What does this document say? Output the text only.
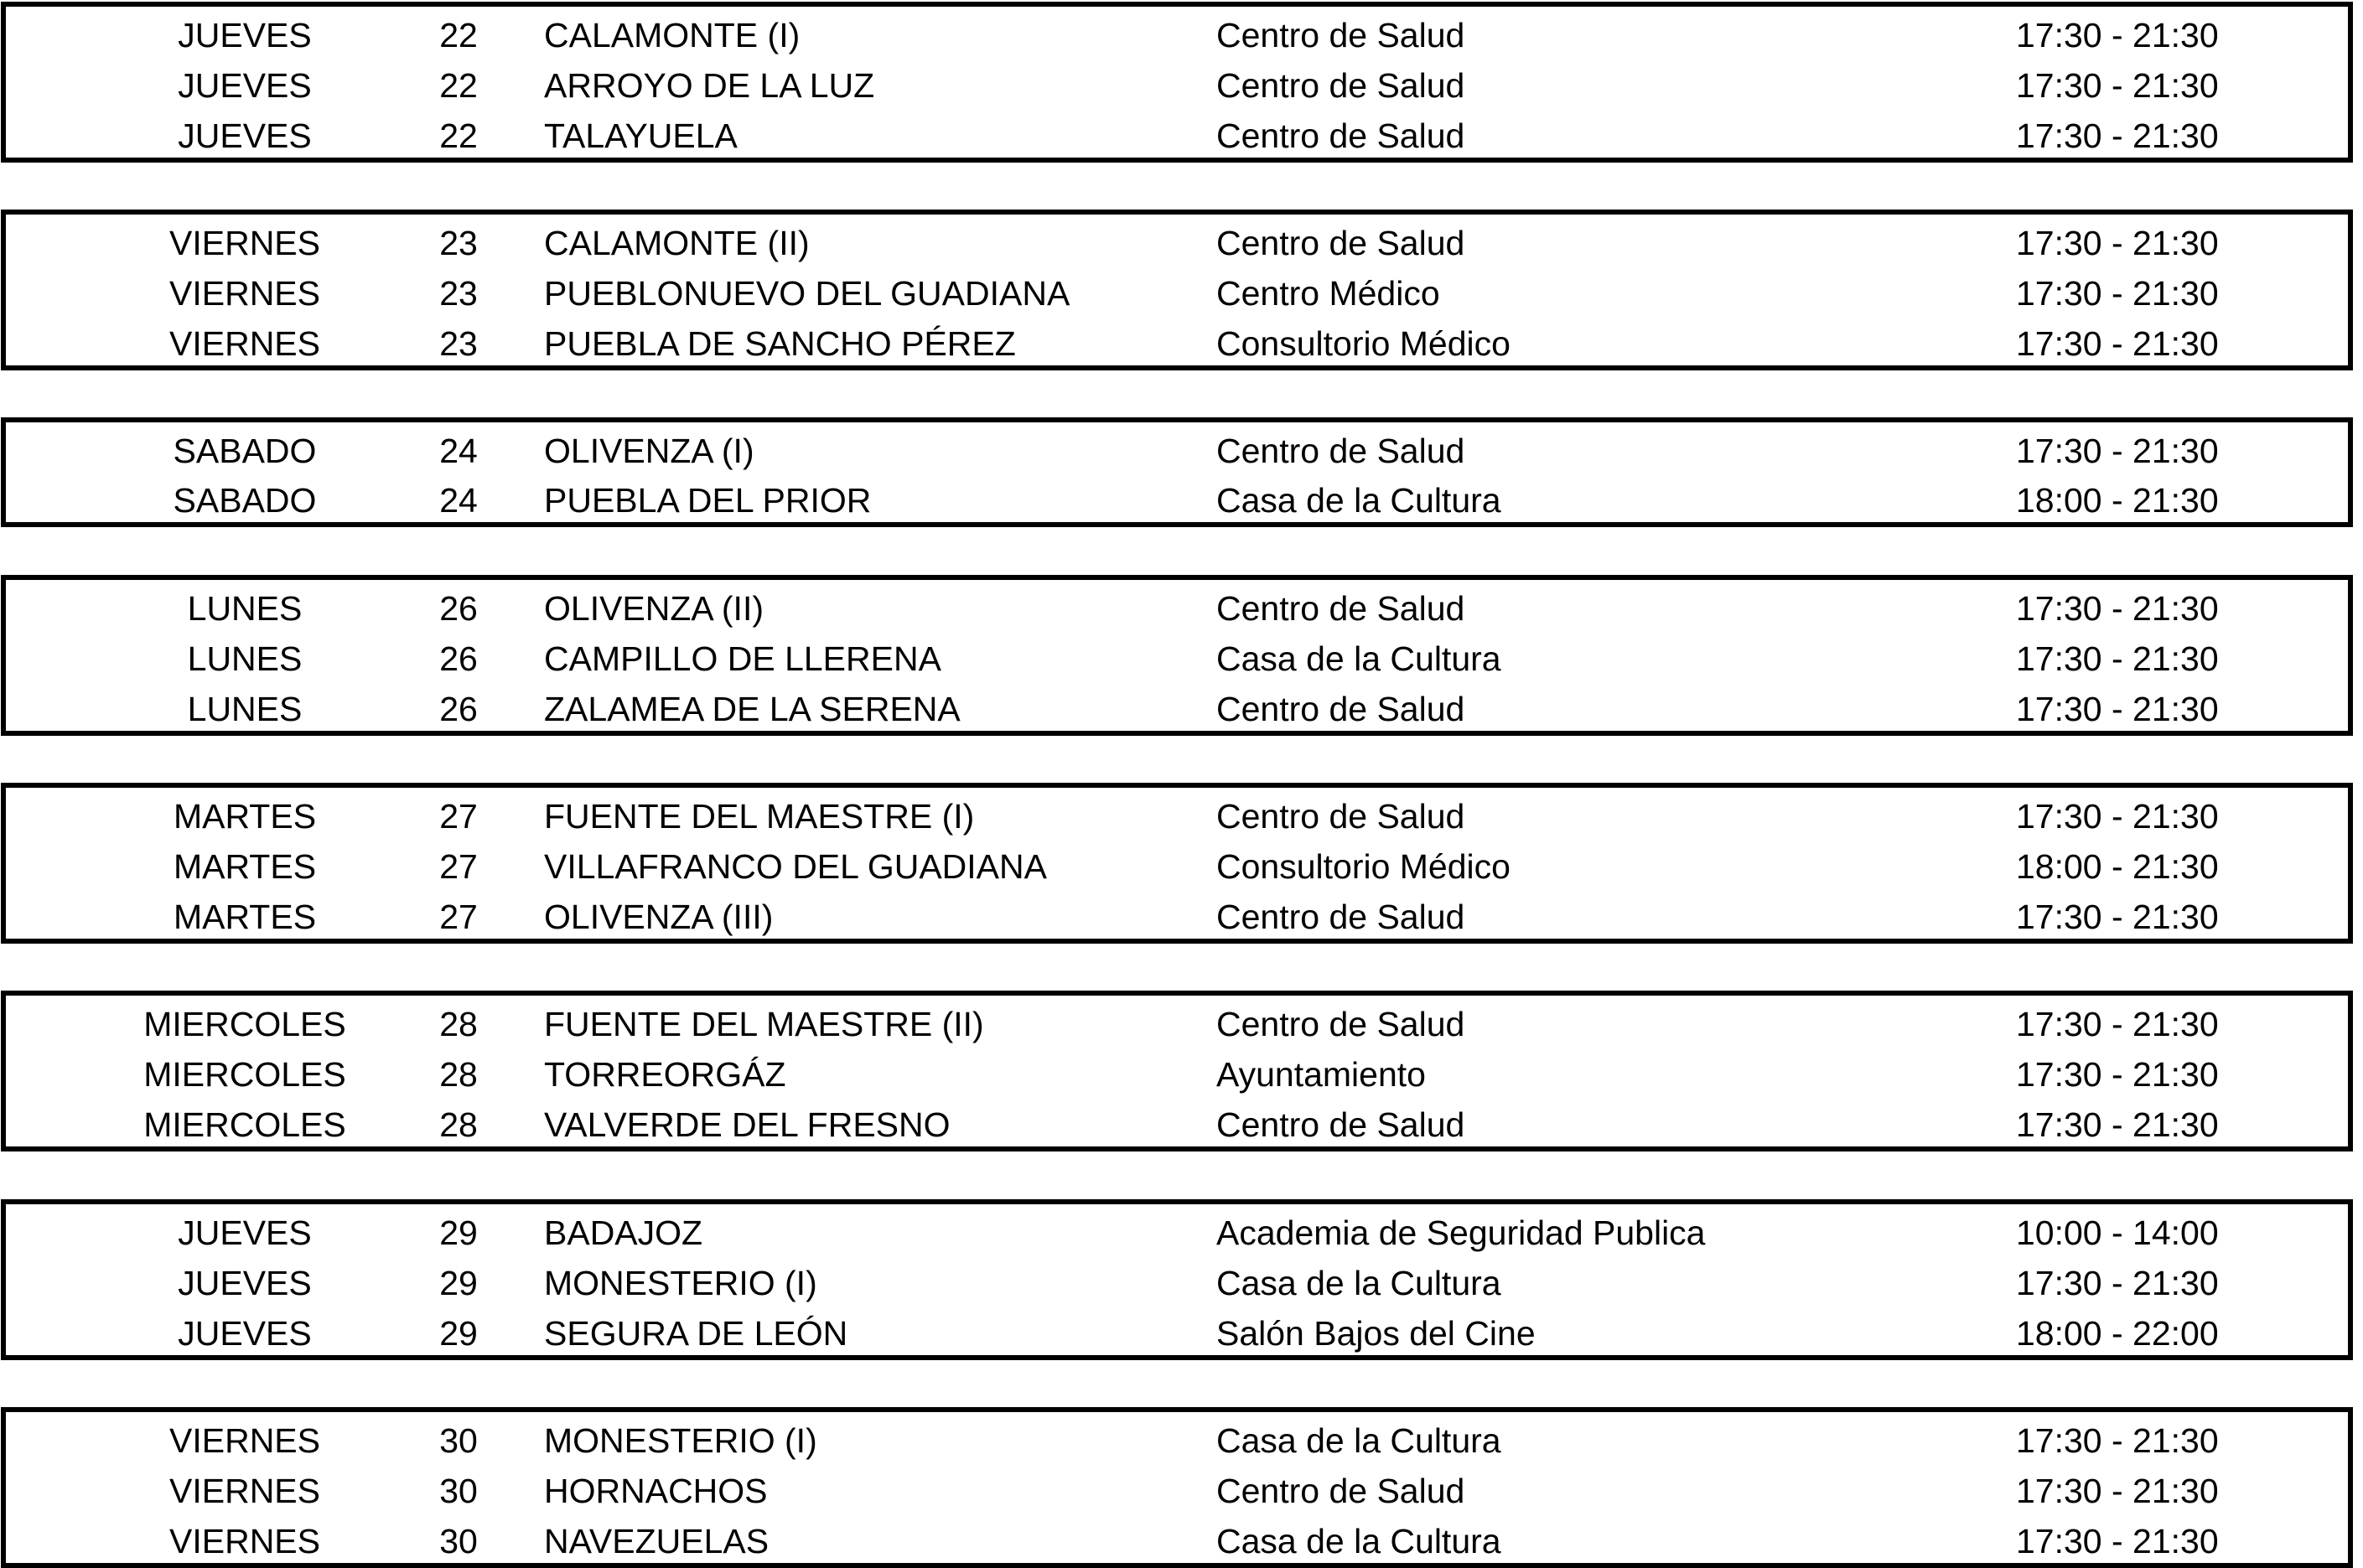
JUEVES	22	CALAMONTE (I)	Centro de Salud	17:30 - 21:30
JUEVES	22	ARROYO DE LA LUZ	Centro de Salud	17:30 - 21:30
JUEVES	22	TALAYUELA	Centro de Salud	17:30 - 21:30
VIERNES	23	CALAMONTE (II)	Centro de Salud	17:30 - 21:30
VIERNES	23	PUEBLONUEVO DEL GUADIANA	Centro Médico	17:30 - 21:30
VIERNES	23	PUEBLA DE SANCHO PÉREZ	Consultorio Médico	17:30 - 21:30
SABADO	24	OLIVENZA (I)	Centro de Salud	17:30 - 21:30
SABADO	24	PUEBLA DEL PRIOR	Casa de la Cultura	18:00 - 21:30
LUNES	26	OLIVENZA (II)	Centro de Salud	17:30 - 21:30
LUNES	26	CAMPILLO DE LLERENA	Casa de la Cultura	17:30 - 21:30
LUNES	26	ZALAMEA DE LA SERENA	Centro de Salud	17:30 - 21:30
MARTES	27	FUENTE DEL MAESTRE (I)	Centro de Salud	17:30 - 21:30
MARTES	27	VILLAFRANCO DEL GUADIANA	Consultorio Médico	18:00 - 21:30
MARTES	27	OLIVENZA (III)	Centro de Salud	17:30 - 21:30
MIERCOLES	28	FUENTE DEL MAESTRE (II)	Centro de Salud	17:30 - 21:30
MIERCOLES	28	TORREORGÁZ	Ayuntamiento	17:30 - 21:30
MIERCOLES	28	VALVERDE DEL FRESNO	Centro de Salud	17:30 - 21:30
JUEVES	29	BADAJOZ	Academia de Seguridad Publica	10:00 - 14:00
JUEVES	29	MONESTERIO (I)	Casa de la Cultura	17:30 - 21:30
JUEVES	29	SEGURA DE LEÓN	Salón Bajos del Cine	18:00 - 22:00
VIERNES	30	MONESTERIO (I)	Casa de la Cultura	17:30 - 21:30
VIERNES	30	HORNACHOS	Centro de Salud	17:30 - 21:30
VIERNES	30	NAVEZUELAS	Casa de la Cultura	17:30 - 21:30
